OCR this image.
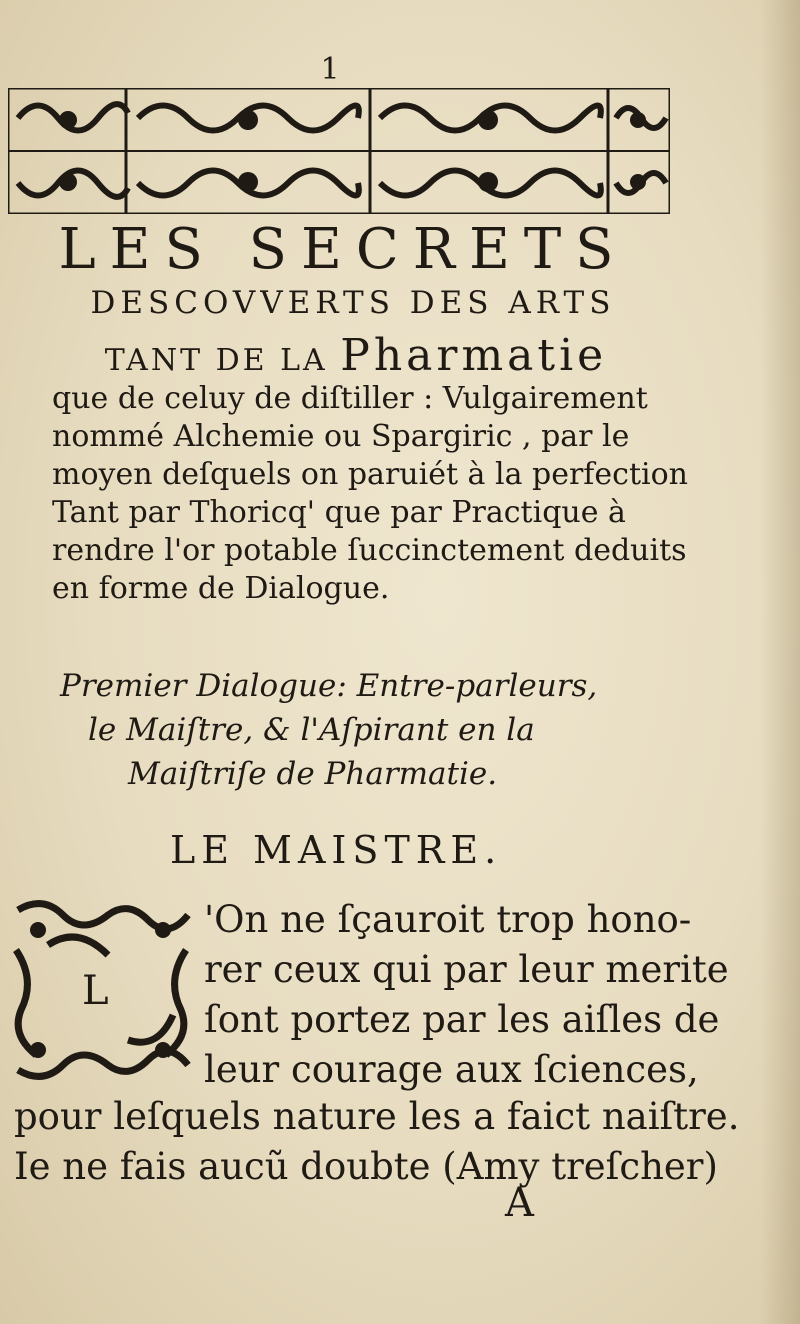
1
LES SECRETS
DESCOVVERTS DES ARTS
TANT DE LA Pharmatie
que de celuy de diſtiller : Vulgairement
nommé Alchemie ou Spargiric , par le
moyen deſquels on paruiét à la perfection
Tant par Thoricq' que par Practique à
rendre l'or potable ſuccinctement deduits
en forme de Dialogue.
Premier Dialogue: Entre-parleurs,
le Maiſtre, & l'Aſpirant en la
Maiſtriſe de Pharmatie.
LE MAISTRE.
L
'On ne ſçauroit trop hono-
rer ceux qui par leur merite
ſont portez par les aiſles de
leur courage aux ſciences,
pour leſquels nature les a faict naiſtre.
Ie ne fais aucũ doubte (Amy treſcher)
A
